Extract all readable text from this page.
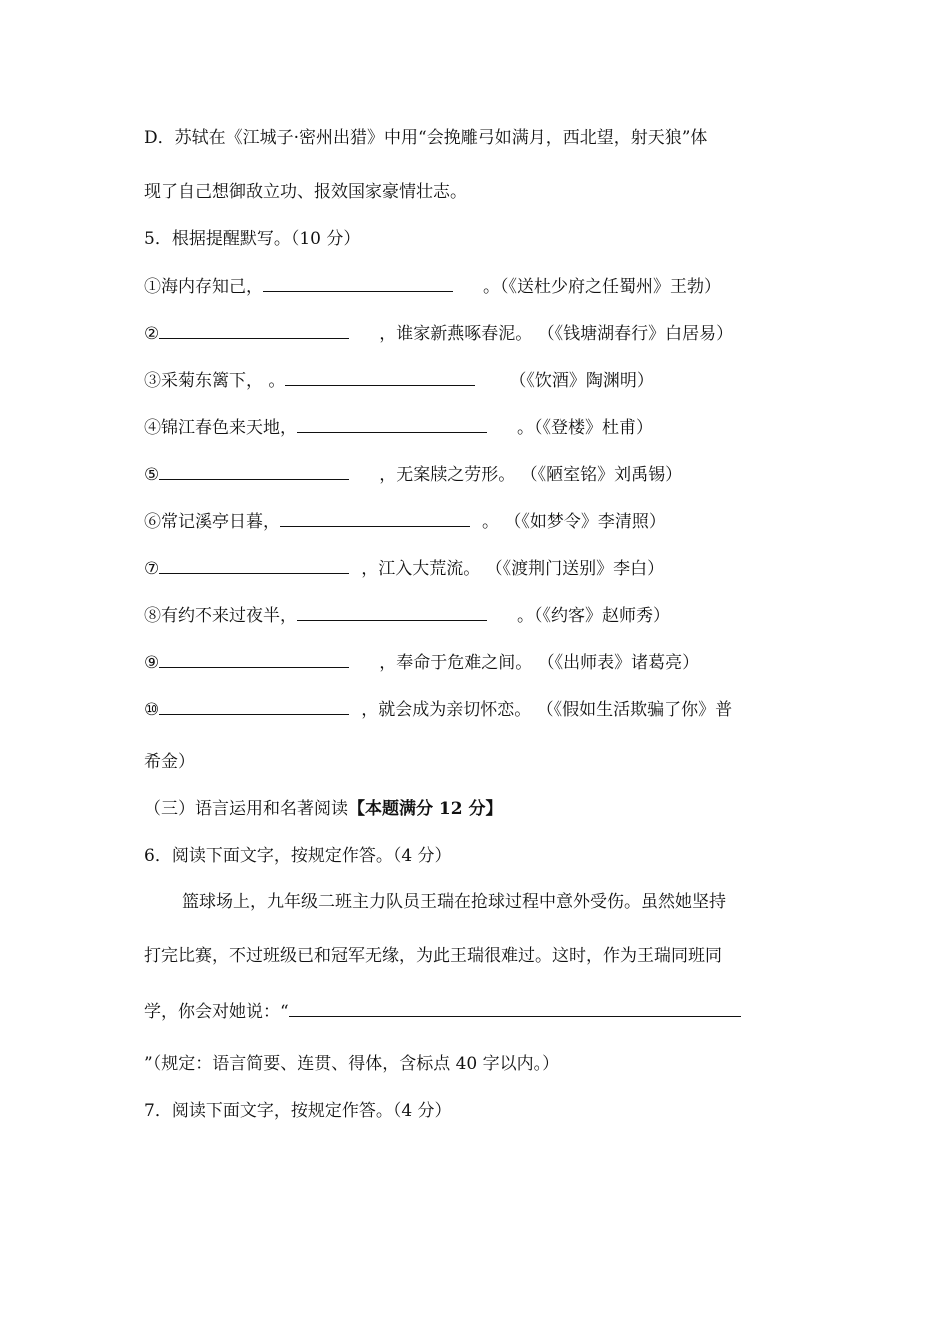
D．苏轼在《江城子·密州出猎》中用“会挽雕弓如满月，西北望，射天狼”体
现了自己想御敌立功、报效国家豪情壮志。
5．根据提醒默写。（10 分）
①海内存知己，	。（《送杜少府之任蜀州》王勃）
②	，谁家新燕啄春泥。 （《钱塘湖春行》白居易）
③采菊东篱下， 。	（《饮酒》陶渊明）
④锦江春色来天地，	。（《登楼》杜甫）
⑤	，无案牍之劳形。 （《陋室铭》刘禹锡）
⑥常记溪亭日暮，	。 （《如梦令》李清照）
⑦	，江入大荒流。 （《渡荆门送别》李白）
⑧有约不来过夜半，	。（《约客》赵师秀）
⑨	，奉命于危难之间。 （《出师表》诸葛亮）
⑩	，就会成为亲切怀恋。 （《假如生活欺骗了你》普
希金）
（三）语言运用和名著阅读【本题满分 12 分】
6．阅读下面文字，按规定作答。（4 分）
篮球场上，九年级二班主力队员王瑞在抢球过程中意外受伤。虽然她坚持
打完比赛，不过班级已和冠军无缘，为此王瑞很难过。这时，作为王瑞同班同
学，你会对她说：“
”（规定：语言简要、连贯、得体，含标点 40 字以内。）
7．阅读下面文字，按规定作答。（4 分）
